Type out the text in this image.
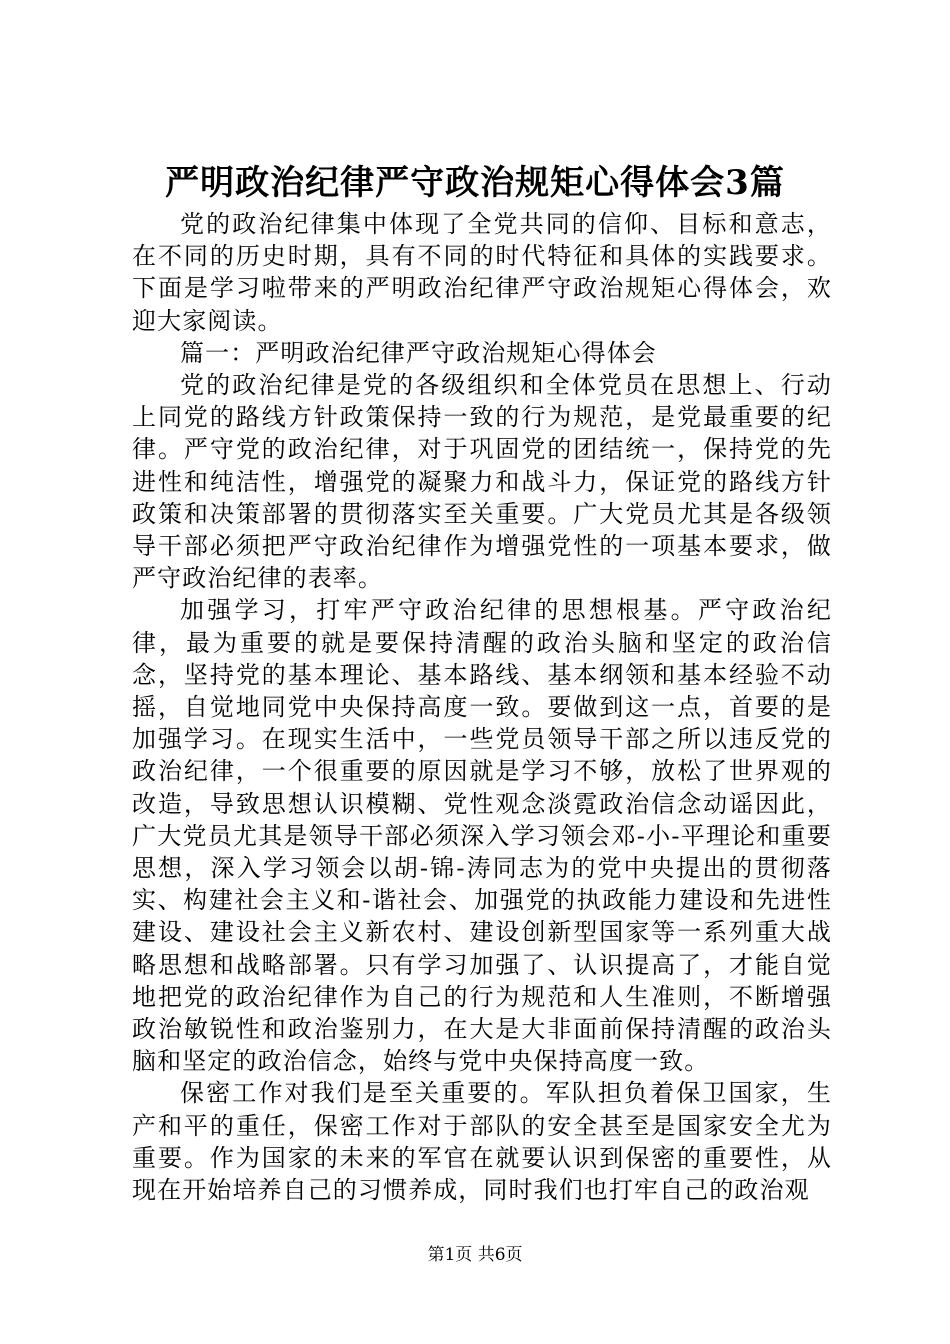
严明政治纪律严守政治规矩心得体会3篇

党的政治纪律集中体现了全党共同的信仰、目标和意志，在不同的历史时期，具有不同的时代特征和具体的实践要求。下面是学习啦带来的严明政治纪律严守政治规矩心得体会，欢迎大家阅读。

篇一：严明政治纪律严守政治规矩心得体会

党的政治纪律是党的各级组织和全体党员在思想上、行动上同党的路线方针政策保持一致的行为规范，是党最重要的纪律。严守党的政治纪律，对于巩固党的团结统一，保持党的先进性和纯洁性，增强党的凝聚力和战斗力，保证党的路线方针政策和决策部署的贯彻落实至关重要。广大党员尤其是各级领导干部必须把严守政治纪律作为增强党性的一项基本要求，做严守政治纪律的表率。

加强学习，打牢严守政治纪律的思想根基。严守政治纪律，最为重要的就是要保持清醒的政治头脑和坚定的政治信念，坚持党的基本理论、基本路线、基本纲领和基本经验不动摇，自觉地同党中央保持高度一致。要做到这一点，首要的是加强学习。在现实生活中，一些党员领导干部之所以违反党的政治纪律，一个很重要的原因就是学习不够，放松了世界观的改造，导致思想认识模糊、党性观念淡霓政治信念动谣因此，广大党员尤其是领导干部必须深入学习领会邓-小-平理论和重要思想，深入学习领会以胡-锦-涛同志为的党中央提出的贯彻落实、构建社会主义和-谐社会、加强党的执政能力建设和先进性建设、建设社会主义新农村、建设创新型国家等一系列重大战略思想和战略部署。只有学习加强了、认识提高了，才能自觉地把党的政治纪律作为自己的行为规范和人生准则，不断增强政治敏锐性和政治鉴别力，在大是大非面前保持清醒的政治头脑和坚定的政治信念，始终与党中央保持高度一致。

保密工作对我们是至关重要的。军队担负着保卫国家，生产和平的重任，保密工作对于部队的安全甚至是国家安全尤为重要。作为国家的未来的军官在就要认识到保密的重要性，从现在开始培养自己的习惯养成，同时我们也打牢自己的政治观

第1页 共6页
